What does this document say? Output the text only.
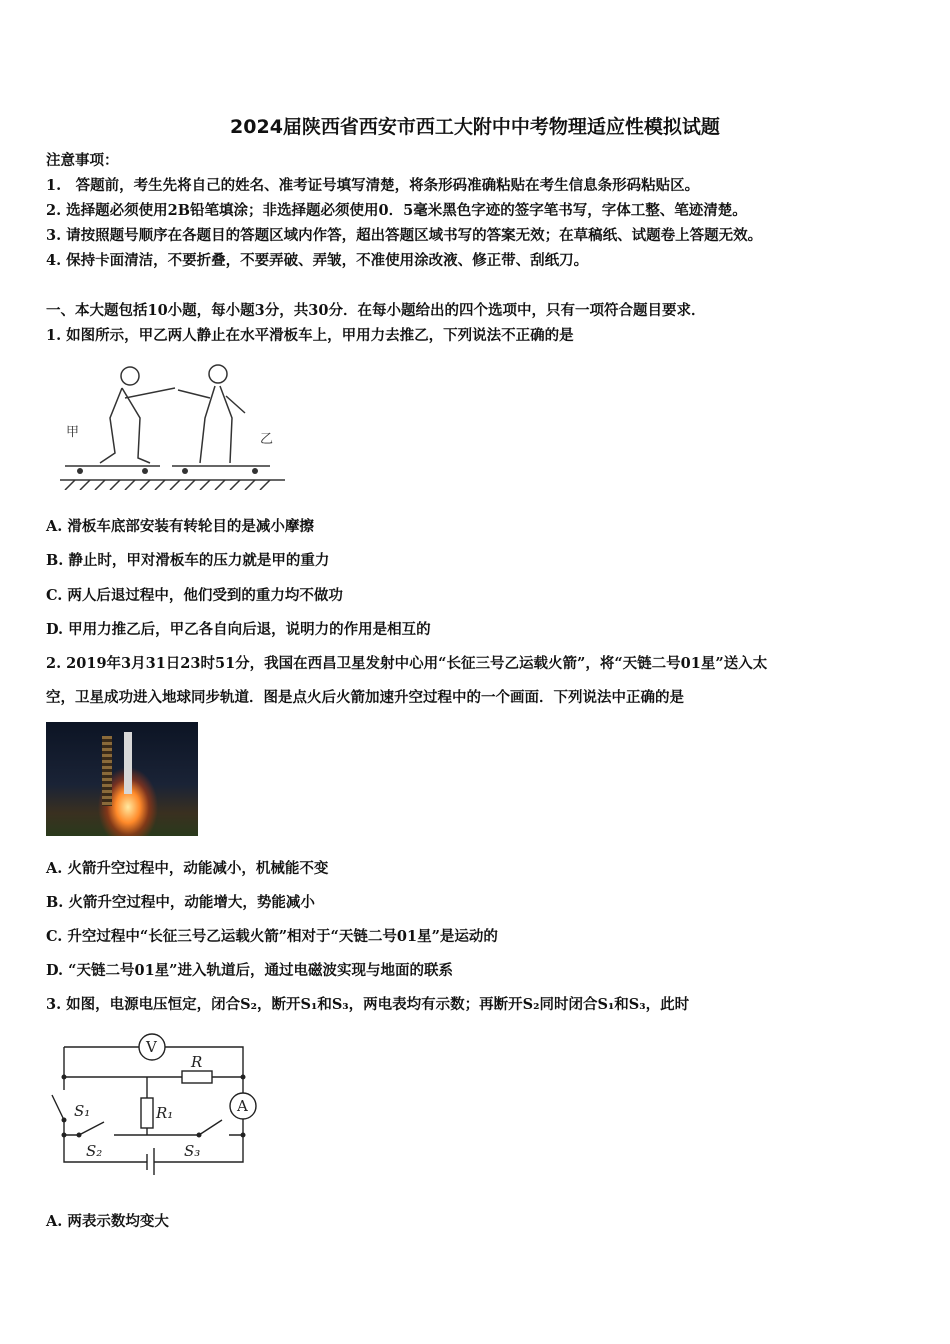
2024届陕西省西安市西工大附中中考物理适应性模拟试题
注意事项：
1.　答题前，考生先将自己的姓名、准考证号填写清楚，将条形码准确粘贴在考生信息条形码粘贴区。
2. 选择题必须使用2B铅笔填涂；非选择题必须使用0．5毫米黑色字迹的签字笔书写，字体工整、笔迹清楚。
3. 请按照题号顺序在各题目的答题区域内作答，超出答题区域书写的答案无效；在草稿纸、试题卷上答题无效。
4. 保持卡面清洁，不要折叠，不要弄破、弄皱，不准使用涂改液、修正带、刮纸刀。
一、本大题包括10小题，每小题3分，共30分．在每小题给出的四个选项中，只有一项符合题目要求．
1. 如图所示，甲乙两人静止在水平滑板车上，甲用力去推乙，下列说法不正确的是
甲	乙
A. 滑板车底部安装有转轮目的是减小摩擦
B. 静止时，甲对滑板车的压力就是甲的重力
C. 两人后退过程中，他们受到的重力均不做功
D. 甲用力推乙后，甲乙各自向后退，说明力的作用是相互的
2. 2019年3月31日23时51分，我国在西昌卫星发射中心用“长征三号乙运载火箭”，将“天链二号01星”送入太
空，卫星成功进入地球同步轨道．图是点火后火箭加速升空过程中的一个画面．下列说法中正确的是
A. 火箭升空过程中，动能减小，机械能不变
B. 火箭升空过程中，动能增大，势能减小
C. 升空过程中“长征三号乙运载火箭”相对于“天链二号01星”是运动的
D. “天链二号01星”进入轨道后，通过电磁波实现与地面的联系
3. 如图，电源电压恒定，闭合S₂，断开S₁和S₃，两电表均有示数；再断开S₂同时闭合S₁和S₃，此时
V
A
R
R₁
S₁
S₂	S₃
A. 两表示数均变大
